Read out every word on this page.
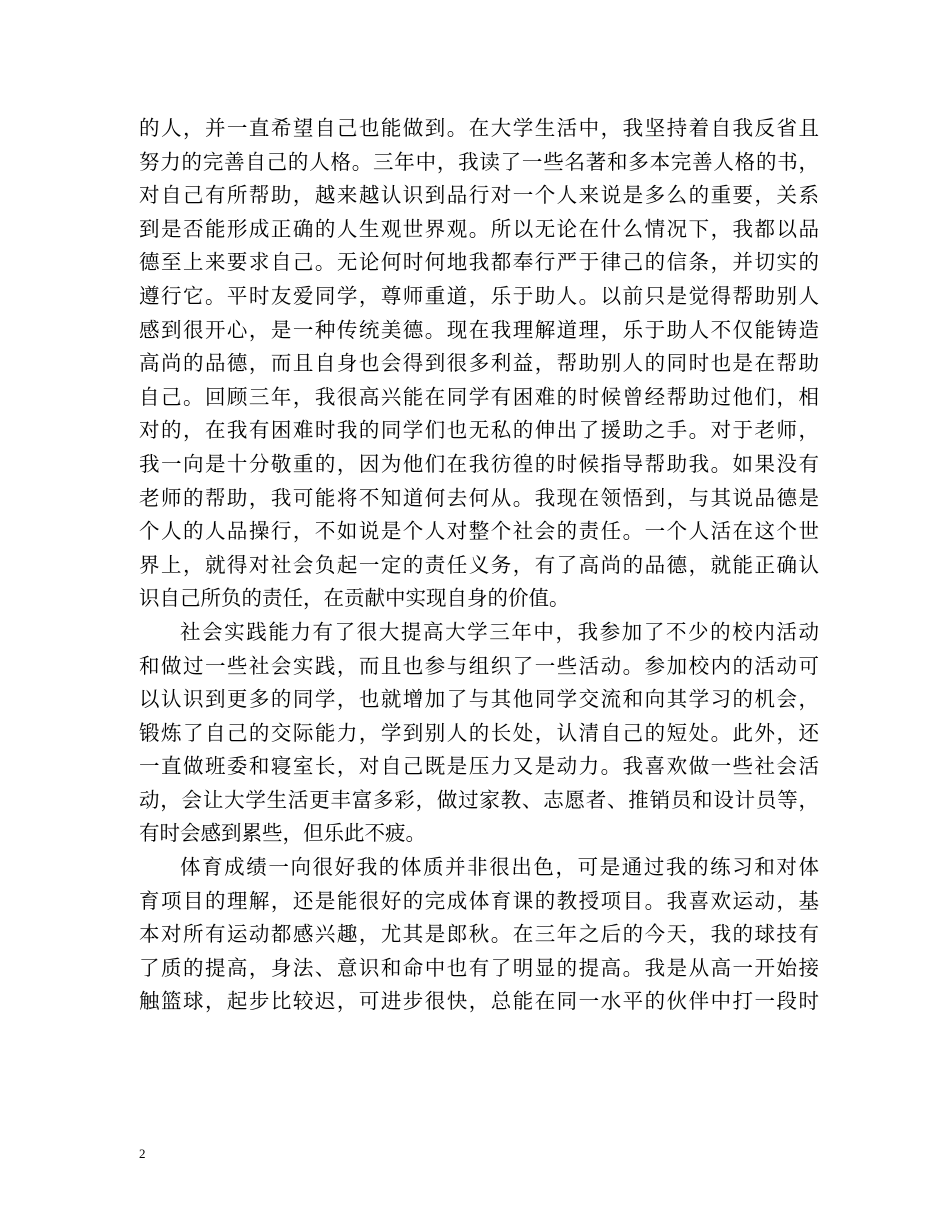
的人，并一直希望自己也能做到。在大学生活中，我坚持着自我反省且
努力的完善自己的人格。三年中，我读了一些名著和多本完善人格的书，
对自己有所帮助，越来越认识到品行对一个人来说是多么的重要，关系
到是否能形成正确的人生观世界观。所以无论在什么情况下，我都以品
德至上来要求自己。无论何时何地我都奉行严于律己的信条，并切实的
遵行它。平时友爱同学，尊师重道，乐于助人。以前只是觉得帮助别人
感到很开心，是一种传统美德。现在我理解道理，乐于助人不仅能铸造
高尚的品德，而且自身也会得到很多利益，帮助别人的同时也是在帮助
自己。回顾三年，我很高兴能在同学有困难的时候曾经帮助过他们，相
对的，在我有困难时我的同学们也无私的伸出了援助之手。对于老师，
我一向是十分敬重的，因为他们在我彷徨的时候指导帮助我。如果没有
老师的帮助，我可能将不知道何去何从。我现在领悟到，与其说品德是
个人的人品操行，不如说是个人对整个社会的责任。一个人活在这个世
界上，就得对社会负起一定的责任义务，有了高尚的品德，就能正确认
识自己所负的责任，在贡献中实现自身的价值。
社会实践能力有了很大提高大学三年中，我参加了不少的校内活动
和做过一些社会实践，而且也参与组织了一些活动。参加校内的活动可
以认识到更多的同学，也就增加了与其他同学交流和向其学习的机会，
锻炼了自己的交际能力，学到别人的长处，认清自己的短处。此外，还
一直做班委和寝室长，对自己既是压力又是动力。我喜欢做一些社会活
动，会让大学生活更丰富多彩，做过家教、志愿者、推销员和设计员等，
有时会感到累些，但乐此不疲。
体育成绩一向很好我的体质并非很出色，可是通过我的练习和对体
育项目的理解，还是能很好的完成体育课的教授项目。我喜欢运动，基
本对所有运动都感兴趣，尤其是郎秋。在三年之后的今天，我的球技有
了质的提高，身法、意识和命中也有了明显的提高。我是从高一开始接
触篮球，起步比较迟，可进步很快，总能在同一水平的伙伴中打一段时
2
